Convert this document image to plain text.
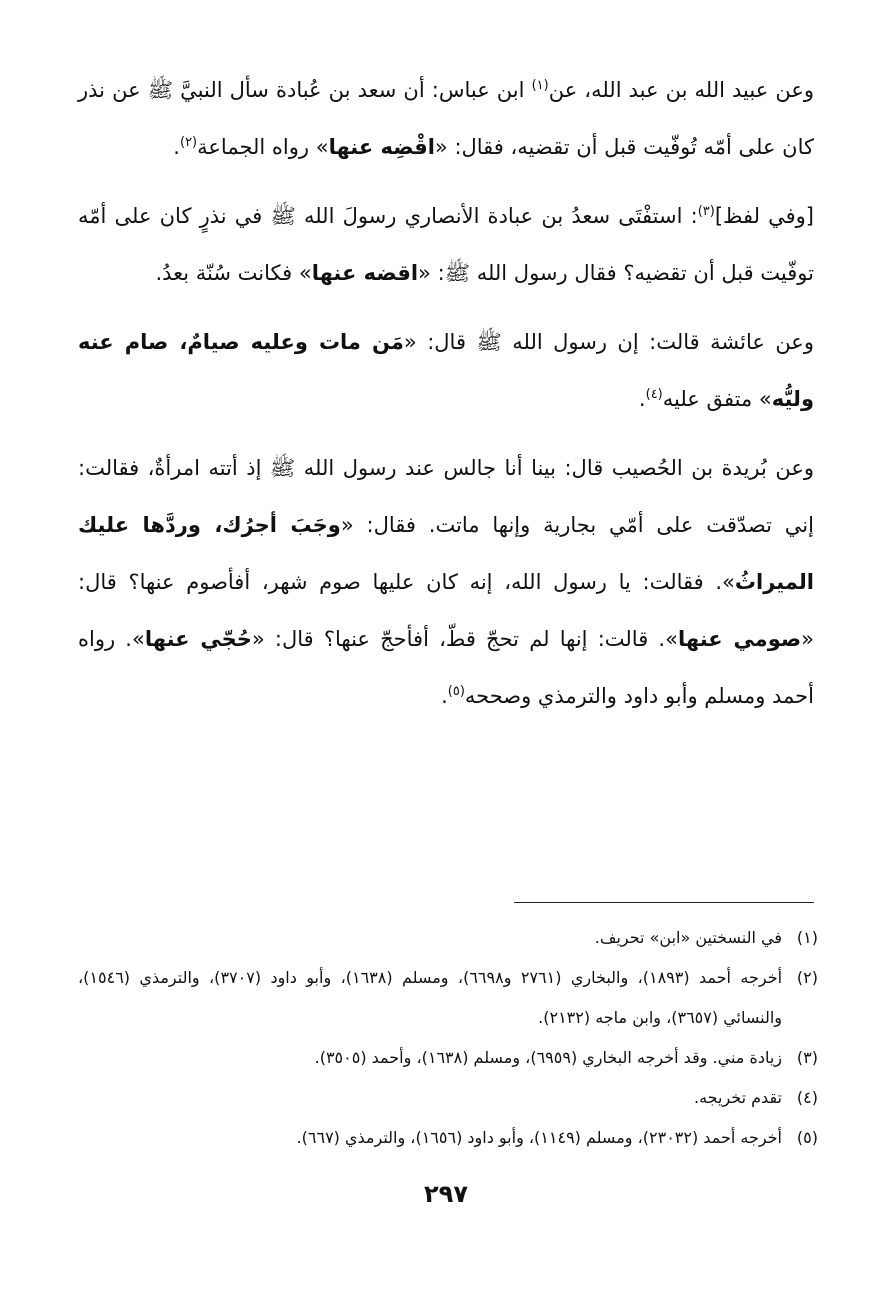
وعن عبيد الله بن عبد الله، عن$^{(١)}$ ابن عباس: أن سعد بن عُبادة سأل النبيَّ ﷺ عن نذر كان على أمّه تُوفّيت قبل أن تقضيه، فقال: «اقْضِه عنها» رواه الجماعة$^{(٢)}$.

[وفي لفظ]$^{(٣)}$: استفْتَى سعدُ بن عبادة الأنصاري رسولَ الله ﷺ في نذرٍ كان على أمّه توفّيت قبل أن تقضيه؟ فقال رسول الله ﷺ: «اقضه عنها» فكانت سُنّة بعدُ.

وعن عائشة قالت: إن رسول الله ﷺ قال: «مَن مات وعليه صيامٌ، صام عنه وليُّه» متفق عليه$^{(٤)}$.

وعن بُريدة بن الحُصيب قال: بينا أنا جالس عند رسول الله ﷺ إذ أتته امرأةٌ، فقالت: إني تصدّقت على أمّي بجارية وإنها ماتت. فقال: «وجَبَ أجرُك، وردَّها عليك الميراثُ». فقالت: يا رسول الله، إنه كان عليها صوم شهر، أفأصوم عنها؟ قال: «صومي عنها». قالت: إنها لم تحجّ قطّ، أفأحجّ عنها؟ قال: «حُجّي عنها». رواه أحمد ومسلم وأبو داود والترمذي وصححه$^{(٥)}$.

(١)
في النسختين «ابن» تحريف.
(٢)
أخرجه أحمد (١٨٩٣)، والبخاري (٢٧٦١ و٦٦٩٨)، ومسلم (١٦٣٨)، وأبو داود (٣٧٠٧)، والترمذي (١٥٤٦)، والنسائي (٣٦٥٧)، وابن ماجه (٢١٣٢).
(٣)
زيادة مني. وقد أخرجه البخاري (٦٩٥٩)، ومسلم (١٦٣٨)، وأحمد (٣٥٠٥).
(٤)
تقدم تخريجه.
(٥)
أخرجه أحمد (٢٣٠٣٢)، ومسلم (١١٤٩)، وأبو داود (١٦٥٦)، والترمذي (٦٦٧).
٢٩٧
